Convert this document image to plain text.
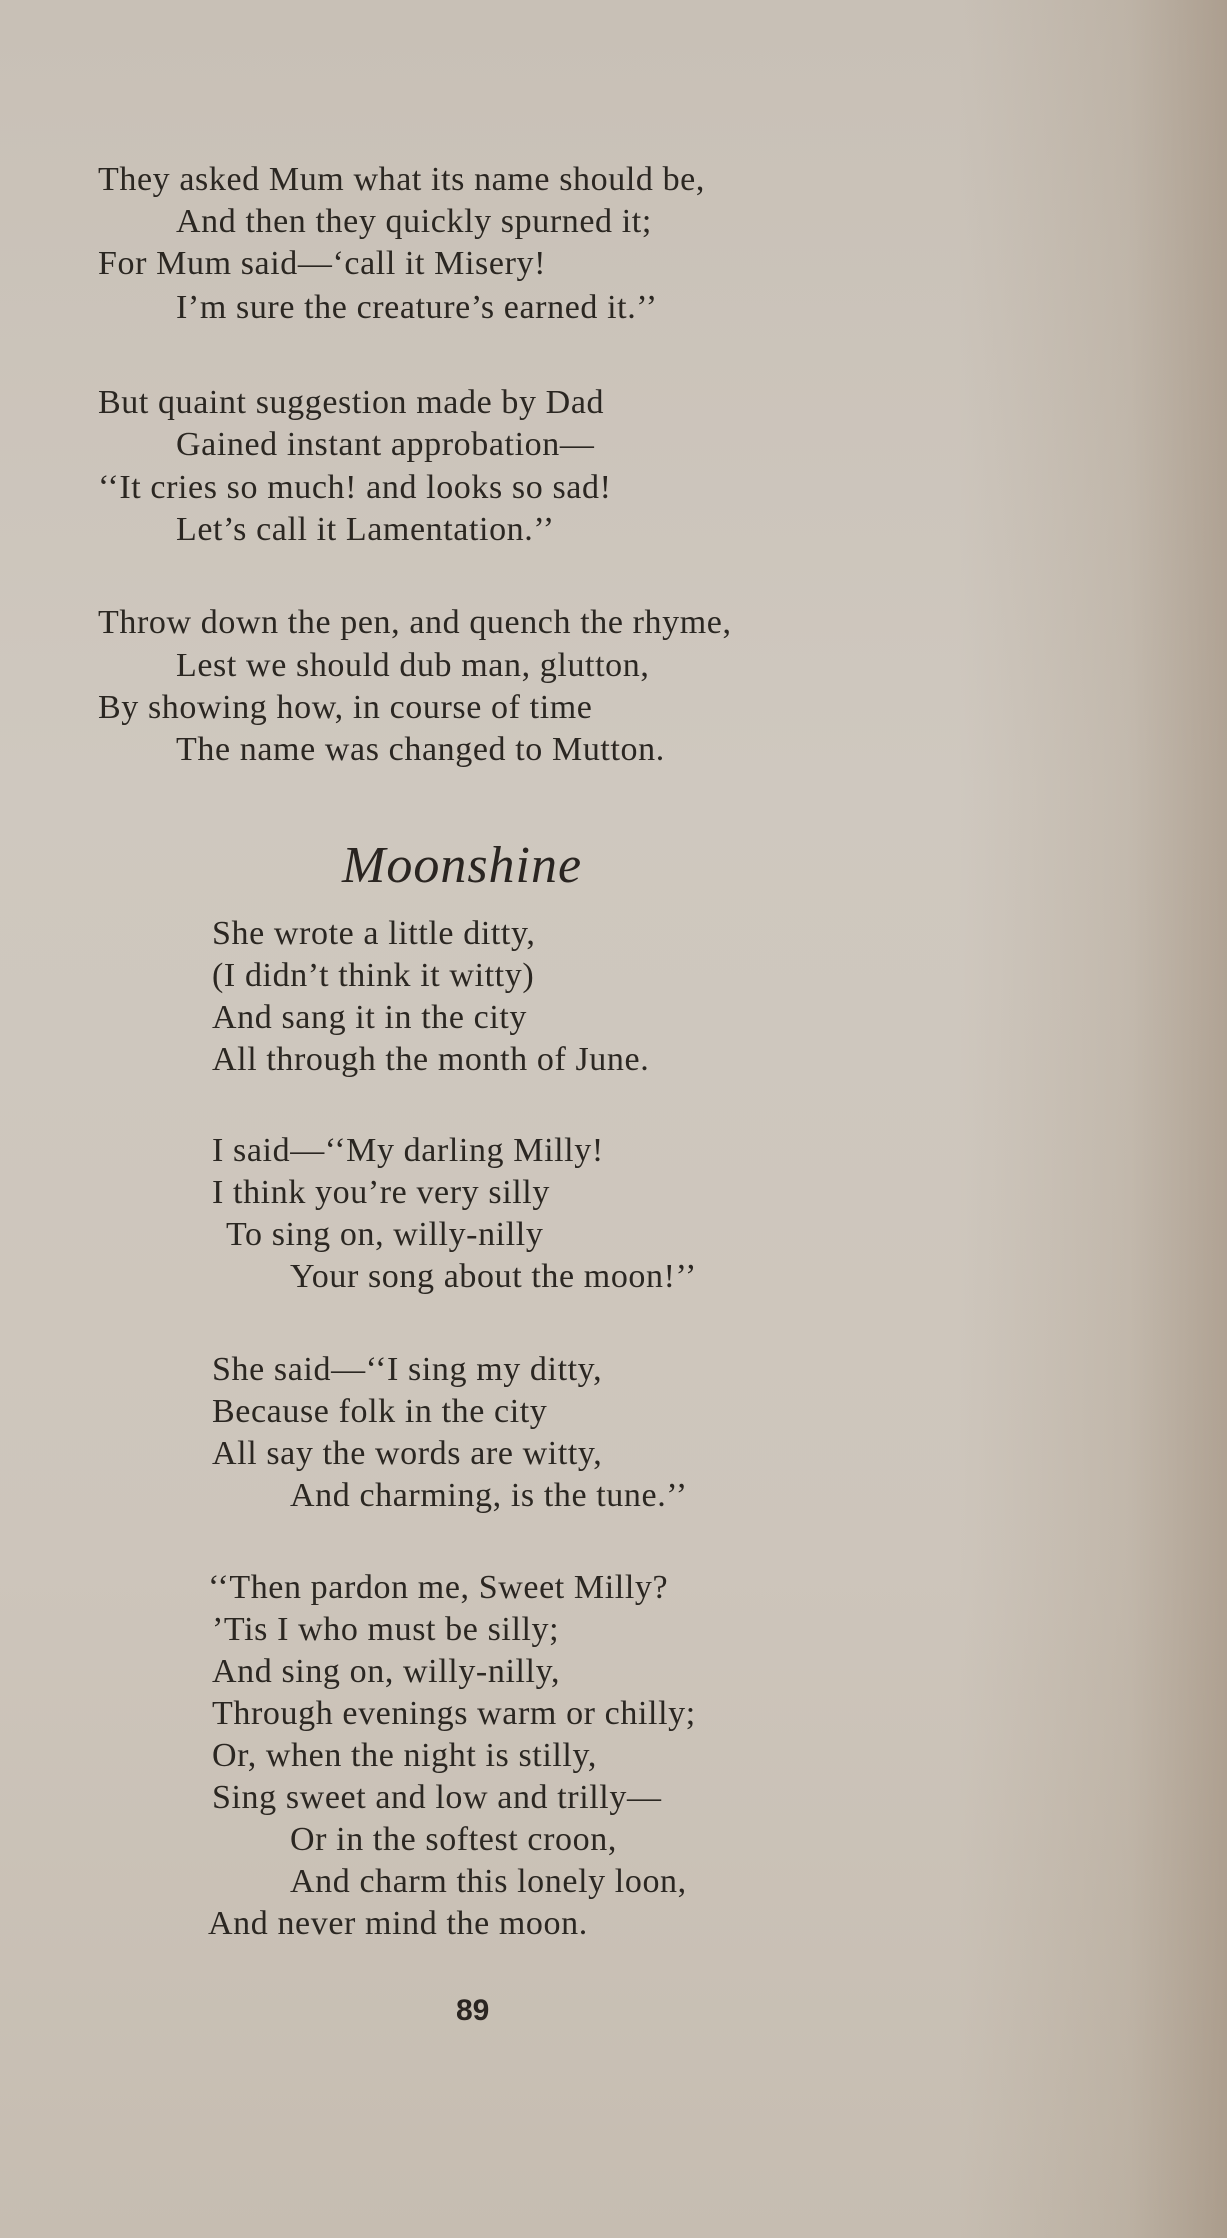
They asked Mum what its name should be,
And then they quickly spurned it;
For Mum said—‘call it Misery!
I’m sure the creature’s earned it.’’
But quaint suggestion made by Dad
Gained instant approbation—
‘‘It cries so much! and looks so sad!
Let’s call it Lamentation.’’
Throw down the pen, and quench the rhyme,
Lest we should dub man, glutton,
By showing how, in course of time
The name was changed to Mutton.
Moonshine
She wrote a little ditty,
(I didn’t think it witty)
And sang it in the city
All through the month of June.
I said—‘‘My darling Milly!
I think you’re very silly
To sing on, willy-nilly
Your song about the moon!’’
She said—‘‘I sing my ditty,
Because folk in the city
All say the words are witty,
And charming, is the tune.’’
‘‘Then pardon me, Sweet Milly?
’Tis I who must be silly;
And sing on, willy-nilly,
Through evenings warm or chilly;
Or, when the night is stilly,
Sing sweet and low and trilly—
Or in the softest croon,
And charm this lonely loon,
And never mind the moon.
89
